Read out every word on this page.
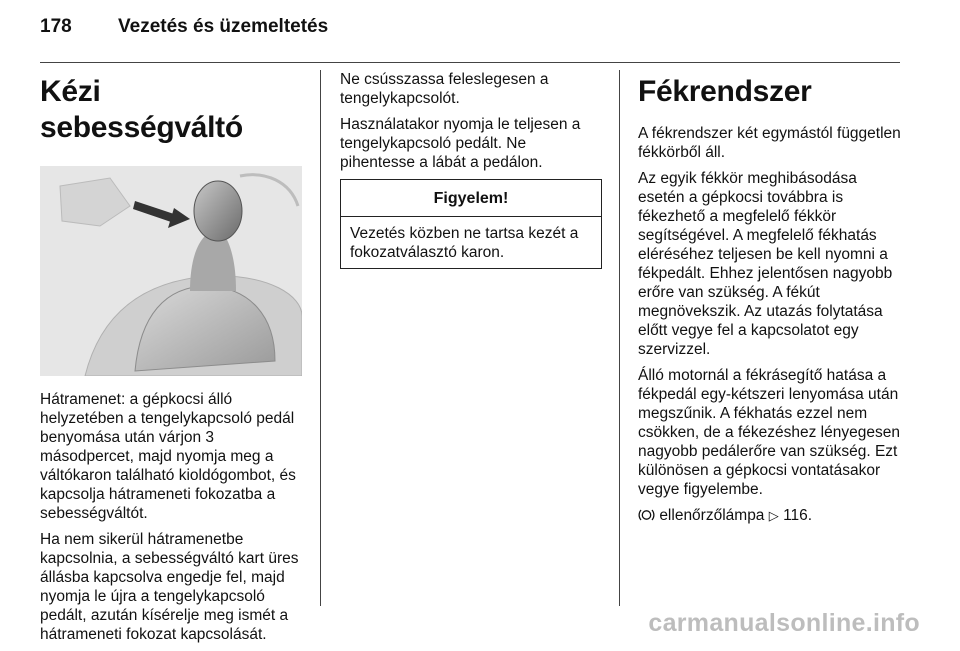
178 Vezetés és üzemeltetés
Kézi sebességváltó

Hátramenet: a gépkocsi álló helyzetében a tengelykapcsoló pedál benyomása után várjon 3 másodpercet, majd nyomja meg a váltókaron található kioldógombot, és kapcsolja hátrameneti fokozatba a sebességváltót.

Ha nem sikerül hátramenetbe kapcsolnia, a sebességváltó kart üres állásba kapcsolva engedje fel, majd nyomja le újra a tengelykapcsoló pedált, azután kísérelje meg ismét a hátrameneti fokozat kapcsolását.

Ne csússzassa feleslegesen a tengelykapcsolót.

Használatakor nyomja le teljesen a tengelykapcsoló pedált. Ne pihentesse a lábát a pedálon.

Figyelem!
Vezetés közben ne tartsa kezét a fokozatválasztó karon.
Fékrendszer

A fékrendszer két egymástól független fékkörből áll.

Az egyik fékkör meghibásodása esetén a gépkocsi továbbra is fékezhető a megfelelő fékkör segítségével. A megfelelő fékhatás eléréséhez teljesen be kell nyomni a fékpedált. Ehhez jelentősen nagyobb erőre van szükség. A fékút megnövekszik. Az utazás folytatása előtt vegye fel a kapcsolatot egy szervizzel.

Álló motornál a fékrásegítő hatása a fékpedál egy-kétszeri lenyomása után megszűnik. A fékhatás ezzel nem csökken, de a fékezéshez lényegesen nagyobb pedálerőre van szükség. Ezt különösen a gépkocsi vontatásakor vegye figyelembe.

ellenőrzőlámpa ▷ 116.

carmanualsonline.info
